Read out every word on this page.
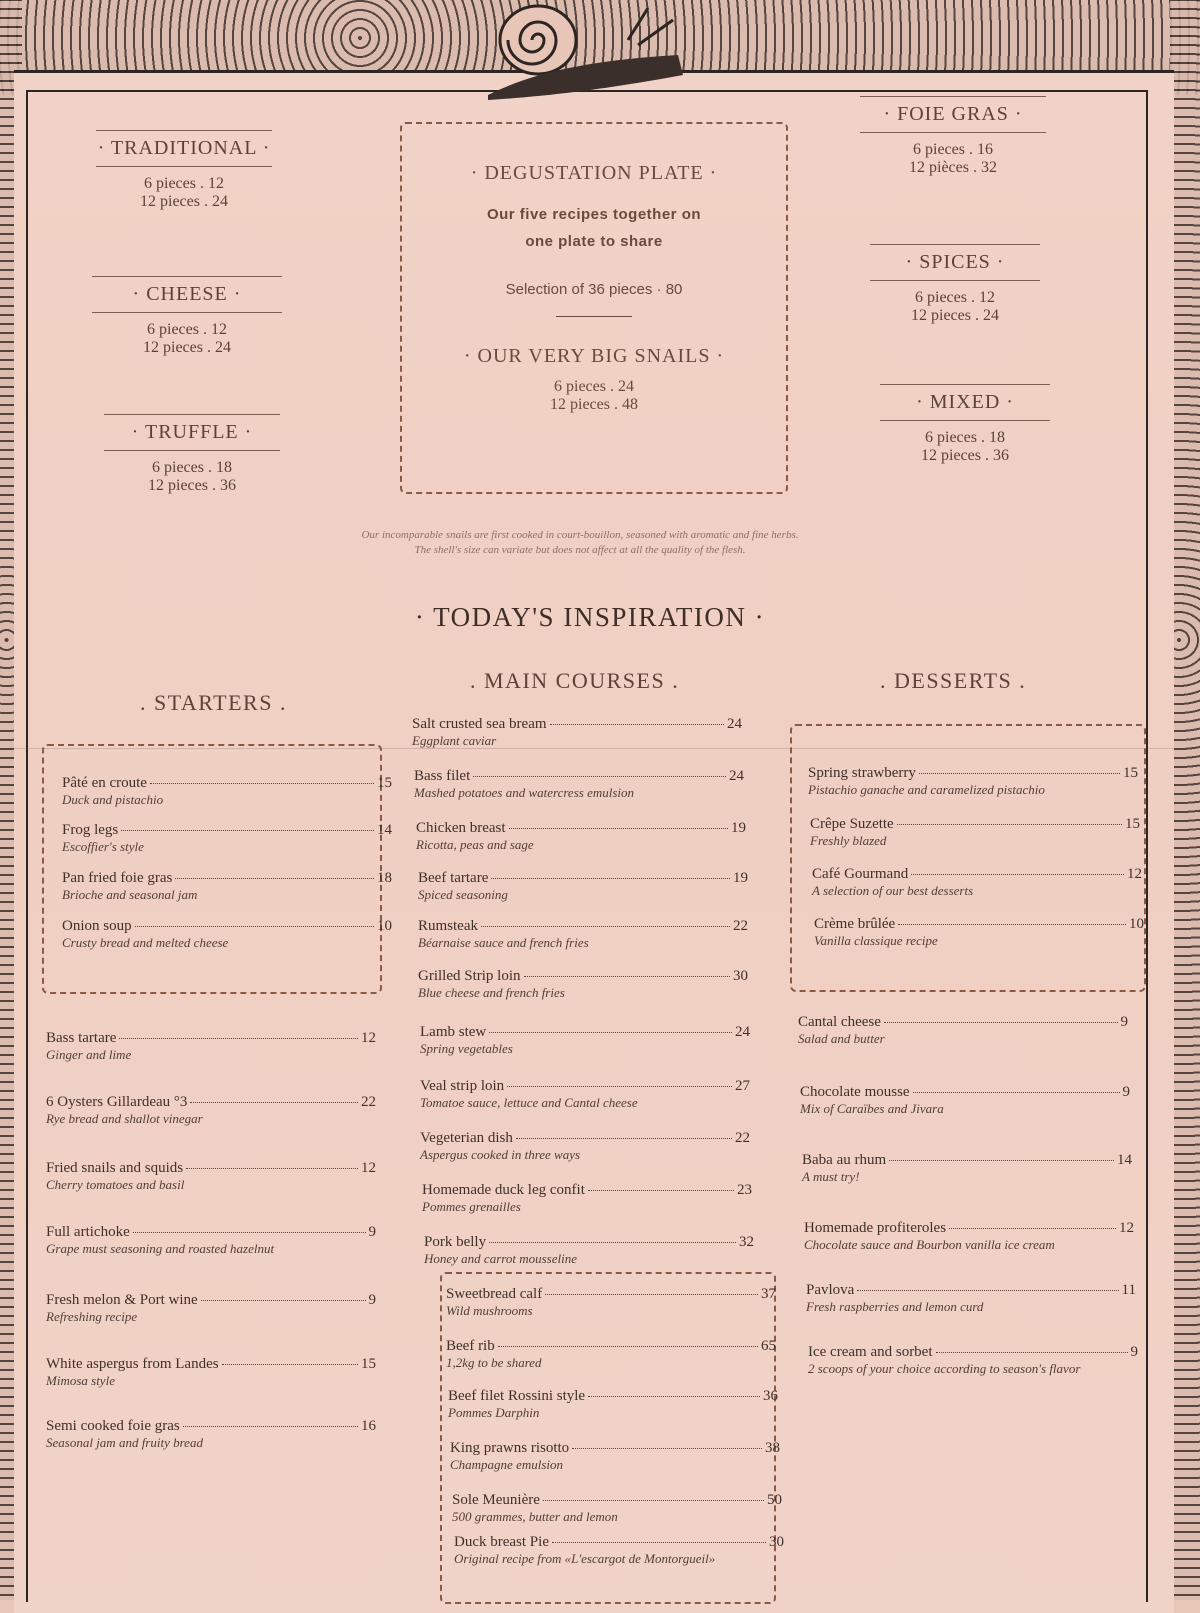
· TRADITIONAL ·
6 pieces . 12
12 pieces . 24
· CHEESE ·
6 pieces . 12
12 pieces . 24
· TRUFFLE ·
6 pieces . 18
12 pieces . 36
· DEGUSTATION PLATE ·
Our five recipes together on
one plate to share
Selection of 36 pieces · 80
· OUR VERY BIG SNAILS ·
6 pieces . 24
12 pieces . 48
· FOIE GRAS ·
6 pieces . 16
12 pièces . 32
· SPICES ·
6 pieces . 12
12 pieces . 24
· MIXED ·
6 pieces . 18
12 pieces . 36
Our incomparable snails are first cooked in court-bouillon, seasoned with aromatic and fine herbs.
The shell's size can variate but does not affect at all the quality of the flesh.
· TODAY'S INSPIRATION ·
. STARTERS .
. MAIN COURSES .	. DESSERTS .
Pâté en croute	15
Duck and pistachio
Frog legs	14
Escoffier's style
Pan fried foie gras	18
Brioche and seasonal jam
Onion soup	10
Crusty bread and melted cheese
Bass tartare	12
Ginger and lime
6 Oysters Gillardeau °3	22
Rye bread and shallot vinegar
Fried snails and squids	12
Cherry tomatoes and basil
Full artichoke	9
Grape must seasoning and roasted hazelnut
Fresh melon & Port wine	9
Refreshing recipe
White aspergus from Landes	15
Mimosa style
Semi cooked foie gras	16
Seasonal jam and fruity bread
Salt crusted sea bream	24
Eggplant caviar
Bass filet	24
Mashed potatoes and watercress emulsion
Chicken breast	19
Ricotta, peas and sage
Beef tartare	19
Spiced seasoning
Rumsteak	22
Béarnaise sauce and french fries
Grilled Strip loin	30
Blue cheese and french fries
Lamb stew	24
Spring vegetables
Veal strip loin	27
Tomatoe sauce, lettuce and Cantal cheese
Vegeterian dish	22
Aspergus cooked in three ways
Homemade duck leg confit	23
Pommes grenailles
Pork belly	32
Honey and carrot mousseline
Sweetbread calf	37
Wild mushrooms
Beef rib	65
1,2kg to be shared
Beef filet Rossini style	36
Pommes Darphin
King prawns risotto	38
Champagne emulsion
Sole Meunière	50
500 grammes, butter and lemon
Duck breast Pie	30
Original recipe from «L'escargot de Montorgueil»
Spring strawberry	15
Pistachio ganache and caramelized pistachio
Crêpe Suzette	15
Freshly blazed
Café Gourmand	12
A selection of our best desserts
Crème brûlée	10
Vanilla classique recipe
Cantal cheese	9
Salad and butter
Chocolate mousse	9
Mix of Caraïbes and Jivara
Baba au rhum	14
A must try!
Homemade profiteroles	12
Chocolate sauce and Bourbon vanilla ice cream
Pavlova	11
Fresh raspberries and lemon curd
Ice cream and sorbet	9
2 scoops of your choice according to season's flavor
